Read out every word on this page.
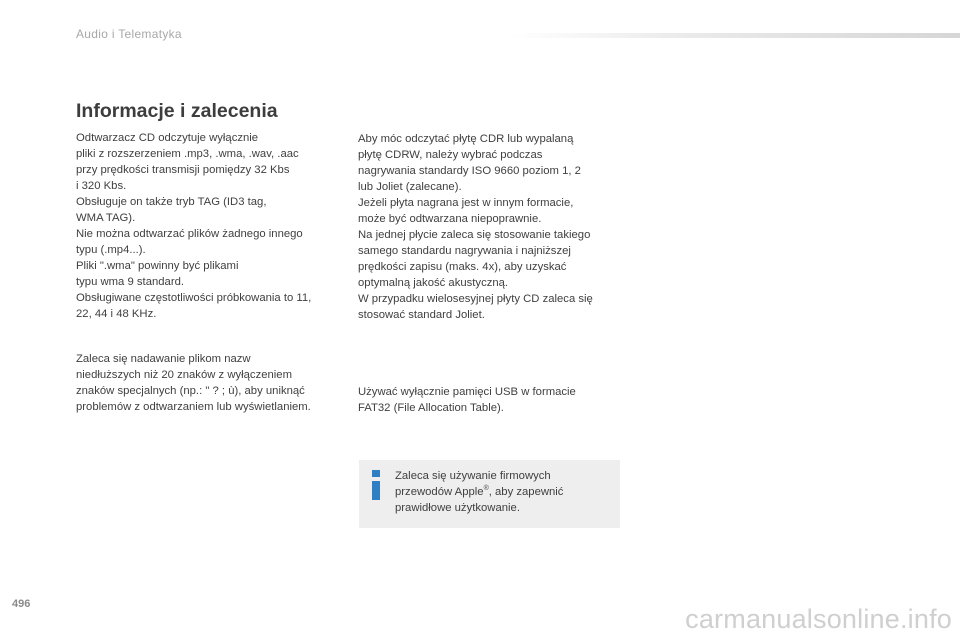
Audio i Telematyka
Informacje i zalecenia
Odtwarzacz CD odczytuje wyłącznie
pliki z rozszerzeniem .mp3, .wma, .wav, .aac
przy prędkości transmisji pomiędzy 32 Kbs
i 320 Kbs.
Obsługuje on także tryb TAG (ID3 tag,
WMA TAG).
Nie można odtwarzać plików żadnego innego
typu (.mp4...).
Pliki ".wma" powinny być plikami
typu wma 9 standard.
Obsługiwane częstotliwości próbkowania to 11,
22, 44 i 48 KHz.
Zaleca się nadawanie plikom nazw
niedłuższych niż 20 znaków z wyłączeniem
znaków specjalnych (np.: " ? ; ù), aby uniknąć
problemów z odtwarzaniem lub wyświetlaniem.
Aby móc odczytać płytę CDR lub wypalaną
płytę CDRW, należy wybrać podczas
nagrywania standardy ISO 9660 poziom 1, 2
lub Joliet (zalecane).
Jeżeli płyta nagrana jest w innym formacie,
może być odtwarzana niepoprawnie.
Na jednej płycie zaleca się stosowanie takiego
samego standardu nagrywania i najniższej
prędkości zapisu (maks. 4x), aby uzyskać
optymalną jakość akustyczną.
W przypadku wielosesyjnej płyty CD zaleca się
stosować standard Joliet.
Używać wyłącznie pamięci USB w formacie
FAT32 (File Allocation Table).

Zaleca się używanie firmowych
przewodów Apple®, aby zapewnić
prawidłowe użytkowanie.

496	carmanualsonline.info
